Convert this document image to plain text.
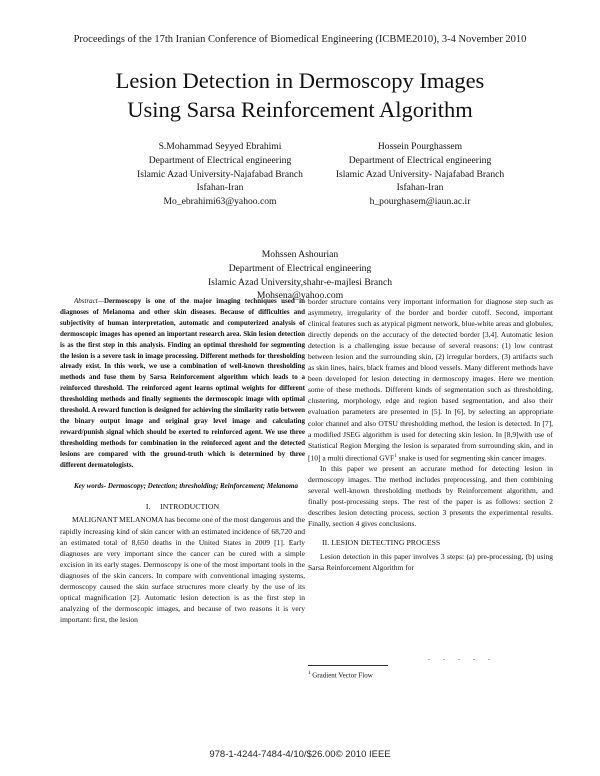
Proceedings of the 17th Iranian Conference of Biomedical Engineering (ICBME2010), 3-4 November 2010
Lesion Detection in Dermoscopy Images
Using Sarsa Reinforcement Algorithm
S.Mohammad Seyyed Ebrahimi
Department of Electrical engineering
Islamic Azad University-Najafabad Branch
Isfahan-Iran
Mo_ebrahimi63@yahoo.com
Hossein Pourghassem
Department of Electrical engineering
Islamic Azad University- Najafabad Branch
Isfahan-Iran
h_pourghasem@iaun.ac.ir
Mohssen Ashourian
Department of Electrical engineering
Islamic Azad University,shahr-e-majlesi Branch
Mohsena@yahoo.com

Abstract—Dermoscopy is one of the major imaging techniques used in diagnoses of Melanoma and other skin diseases. Because of difficulties and subjectivity of human interpretation, automatic and computerized analysis of dermoscopic images has opened an important research area. Skin lesion detection is as the first step in this analysis. Finding an optimal threshold for segmenting the lesion is a severe task in image processing. Different methods for thresholding already exist. In this work, we use a combination of well-known thresholding methods and fuse them by Sarsa Reinforcement algorithm which leads to a reinforced threshold. The reinforced agent learns optimal weights for different thresholding methods and finally segments the dermoscopic image with optimal threshold. A reward function is designed for achieving the similarity ratio between the binary output image and original gray level image and calculating reward/punish signal which should be exerted to reinforced agent. We use three thresholding methods for combination in the reinforced agent and the detected lesions are compared with the ground-truth which is determined by three different dermatologists.

Key words- Dermoscopy; Detection; thresholding; Reinforcement; Melanoma

I.     INTRODUCTION

MALIGNANT MELANOMA has become one of the most dangerous and the rapidly increasing kind of skin cancer with an estimated incidence of 68,720 and an estimated total of 8,650 deaths in the United States in 2009 [1]. Early diagnoses are very important since the cancer can be cured with a simple excision in its early stages. Dermoscopy is one of the most important tools in the diagnoses of the skin cancers. In compare with conventional imaging systems, dermoscopy caused the skin surface structures more clearly by the use of its optical magnification [2]. Automatic lesion detection is as the first step in analyzing of the dermoscopic images, and because of two reasons it is very important: first, the lesion

border structure contains very important information for diagnose step such as asymmetry, irregularity of the border and border cutoff. Second, important clinical features such as atypical pigment network, blue-white areas and globules, directly depends on the accuracy of the detected border [3,4]. Automatic lesion detection is a challenging issue because of several reasons: (1) low contrast between lesion and the surrounding skin, (2) irregular borders, (3) artifacts such as skin lines, hairs, black frames and blood vessels. Many different methods have been developed for lesion detecting in dermoscopy images. Here we mention some of these methods. Different kinds of segmentation such as thresholding, clustering, morphology, edge and region based segmentation, and also their evaluation parameters are presented in [5]. In [6], by selecting an appropriate color channel and also OTSU thresholding method, the lesion is detected. In [7], a modified JSEG algorithm is used for detecting skin lesion. In [8,9]with use of Statistical Region Merging the lesion is separated from surrounding skin, and in [10] a multi directional GVF$^1$ snake is used for segmenting skin cancer images.

In this paper we present an accurate method for detecting lesion in dermoscopy images. The method includes preprocessing, and then combining several well-known thresholding methods by Reinforcement algorithm, and finally post-processing steps. The rest of the paper is as follows: section 2 describes lesion detecting process, section 3 presents the experimental results. Finally, section 4 gives conclusions.

II. LESION DETECTING PROCESS

Lesion detection in this paper involves 3 steps: (a) pre-processing, (b) using Sarsa Reinforcement Algorithm for

.....
$^1$ Gradient Vector Flow
978-1-4244-7484-4/10/$26.00© 2010 IEEE
